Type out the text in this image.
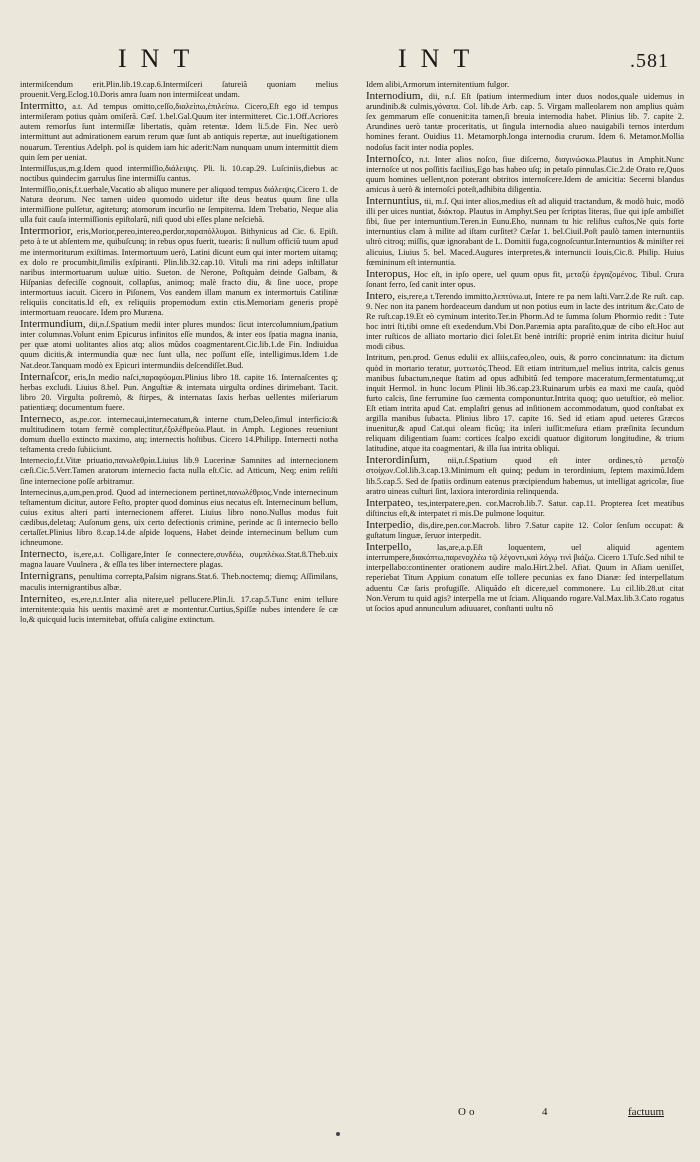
INT	INT	.581

intermiſcendum erit.Plin.lib.19.cap.6.Intermiſceri ſatureiã quoniam melius prouenit.Verg.Eclog.10.Doris amra ſuam non intermiſceat undam.

Intermitto, a.t. Ad tempus omitto,ceſſo,διαλείπω,ἐπιλείπω. Cicero,Eſt ego id tempus intermiſeram potius quàm omiſerã. Cæſ. 1.bel.Gal.Quum iter intermitteret. Cic.1.Off.Acriores autem remorſus ſunt intermiſſæ libertatis, quàm retentæ. Idem li.5.de Fin. Nec uerò intermittunt aut admirationem earum rerum quæ ſunt ab antiquis repertæ, aut inueſtigationem nouarum. Terentius Adelph. pol is quidem iam hic aderit:Nam nunquam unum intermittit diem quin ſem per ueniat.

Intermiſſus,us,m.g.Idem quod intermiſſio,διάλειψις. Pli. li. 10.cap.29. Luſciniis,diebus ac noctibus quindecim garrulus ſine intermiſſu cantus.

Intermiſſio,onis,f.t.uerbale,Vacatio ab aliquo munere per aliquod tempus διάλειψις.Cicero 1. de Natura deorum. Nec tamen uideo quomodo uidetur iſte deus beatus quum ſine ulla intermiſſione pulſetur, agiteturq; atomorum incurſio ne ſempiterna. Idem Trebatio, Neque alia ulla fuit cauſa intermiſſionis epiſtolarũ, niſi quod ubi eſſes plane neſciebã.

Intermorior, eris,Morior,pereo,intereo,perdor,παραπόλλυμαι. Bithynicus ad Cic. 6. Epiſt. peto à te ut abſentem me, quibuſcunq; in rebus opus fuerit, tuearis: ſi nullum officiũ tuum apud me intermoriturum exiſtimas. Intermortuum uerò, Latini dicunt eum qui inter mortem uitamq; ex dolo re procumbit,ſimilis exſpiranti. Plin.lib.32.cap.10. Vituli ma rini adeps inſtillatur naribus intermortuarum uuluæ uitio. Sueton. de Nerone, Poſtquàm deinde Galbam, & Hiſpanias defeciſſe cognouit, collapſus, animoq; malè fracto diu, & ſine uoce, prope intermortuus iacuit. Cicero in Piſonem, Vos eandem illam manum ex intermortuis Catilinæ reliquiis concitatis.Id eſt, ex reliquiis propemodum extin ctis.Memoriam generis propè intermortuam reuocare. Idem pro Muræna.

Intermundium, dii,n.ſ.Spatium medii inter plures mundos: ſicut intercolumnium,ſpatium inter columnas.Volunt enim Epicurus infinitos eſſe mundos, & inter eos ſpatia magna inania, per quæ atomi uolitantes alios atq; alios mũdos coagmentarent.Cic.lib.1.de Fin. Indiuidua quum dicitis,& intermundia quæ nec ſunt ulla, nec poſſunt eſſe, intelligimus.Idem 1.de Nat.deor.Tanquam modò ex Epicuri intermundiis deſcendiſſet.Bud.

Internaſcor, eris,In medio naſci,παραφύομαι.Plinius libro 18. capite 16. Internaſcentes q; herbas excludi. Liuius 8.bel. Pun. Anguſtiæ & internata uirgulta ordines dirimebant. Tacit. libro 20. Virgulta poſtremò, & ſtirpes, & internatas ſaxis herbas uellentes miſeriarum patientiæq; documentum fuere.

Interneco, as,pe.cor. internecaui,internecatum,& interne ctum,Deleo,ſimul interficio:& multitudinem totam fermè complectitur,ἐξολέθρεύω.Plaut. in Amph. Legiones reueniunt domum duello extincto maximo, atq; internectis hoſtibus. Cicero 14.Philipp. Internecti notha teſtamenta credo ſubiiciunt.

Internecio,f.t.Vitæ priuatio,πανωλεθρία.Liuius lib.9 Lucerinæ Samnites ad internecionem cæſi.Cic.5.Verr.Tamen aratorum internecio facta nulla eſt.Cic. ad Atticum, Neq; enim reſiſti ſine internecione poſſe arbitramur.

Internecinus,a,um,pen.prod. Quod ad internecionem pertinet,πανωλέθριος.Vnde internecinum teſtamentum dicitur, autore Feſto, propter quod dominus eius necatus eſt. Internecinum bellum, cuius exitus alteri parti internecionem afferet. Liuius libro nono.Nullus modus fuit cædibus,deletaq; Auſonum gens, uix certo defectionis crimine, perinde ac ſi internecio bello certaſſet.Plinius libro 8.cap.14.de aſpide loquens, Habet deinde internecinum bellum cum ichneumone.

Internecto, is,ere,a.t. Colligare,Inter ſe connectere,συνδέω, συμπλέκω.Stat.8.Theb.uix magna lauare Vuulnera , & eſſla tes liber internectere plagas.

Internigrans, penultima correpta,Paſsim nigrans.Stat.6. Theb.noctemq; diemq; Aſſimilans, maculis internigrantibus albæ.

Interniteo, es,ere,n.t.Inter alia nitere,uel pellucere.Plin.li. 17.cap.5.Tunc enim tellure internitente:quia his uentis maximè aret æ montentur.Curtius,Spiſſæ nubes intendere ſe cæ lo,& quicquid lucis internitebat, offuſa caligine extinctum.

Idem alibi,Armorum internitentium fulgor.

Internodium, dii, n.ſ. Eſt ſpatium intermedium inter duos nodos,quale uidemus in arundinib.& culmis,γόνατα. Col. lib.de Arb. cap. 5. Virgam malleolarem non amplius quàm ſex gemmarum eſſe conuenit:ita tamen,ſi breuia internodia habet. Plinius lib. 7. capite 2. Arundines uerò tantæ proceritatis, ut ſingula internodia alueo nauigabili ternos interdum homines ferant. Ouidius 11. Metamorph.longa internodia crurum. Idem 6. Metamor.Mollia nodoſus facit inter nodia poples.

Internoſco, n.t. Inter alios noſco, ſiue diſcerno, διαγινώσκω.Plautus in Amphit.Nunc internoſce ut nos poſſitis facilius,Ego has habeo uſq; in petaſo pinnulas.Cic.2.de Orato re,Quos quum homines uellent,non poterant obtritos internoſcere.Idem de amicitia: Secerni blandus amicus à uerò & internoſci poteſt,adhibita diligentia.

Internuntius, tii, m.ſ. Qui inter alios,medius eſt ad aliquid tractandum, & modò huic, modò illi per uices nuntiat, διάκτορ. Plautus in Amphyt.Seu per ſcriptas literas, ſiue qui ipſe ambiſſet ſibi, ſiue per internuntium.Teren.in Eunu.Eho, nunnam tu hic reliſtus cuſtos,Ne quis forte internuntius clam à milite ad iſtam curſitet? Cæſar 1. bel.Ciuil.Poſt paulò tamen internuntiis ultrò citroq; miſſis, quæ ignorabant de L. Domitii fuga,cognoſcuntur.Internuntios & miniſter rei alicuius, Liuius 5. bel. Maced.Augures interpretes,& internuncii Iouis,Cic.8. Philip. Huius fœmininum eſt internuntia.

Interopus, Hoc eſt, in ipſo opere, uel quum opus fit, μεταξὺ ἐργαζομένος. Tibul. Crura ſonant ferro, ſed canit inter opus.

Intero, eis,rere,a t.Terendo immitto,λεπτύνω.ut, Intere re pa nem laſti.Varr.2.de Re ruſt. cap. 9. Nec non ita panem hordeaceum dandum ut non potius eum in lacte des intritum &c.Cato de Re ruſt.cap.19.Et eò cyminum interito.Ter.in Phorm.Ad te ſumma ſolum Phormio redit : Tute hoc intri ſti,tibi omne eſt exedendum.Vbi Don.Paræmia apta paraſito,quæ de cibo eſt.Hoc aut inter ruſticos de alliato mortario dici ſolet.Et benè intriſti: propriè enim intrita dicitur huiuſ modi cibus.

Intritum, pen.prod. Genus edulii ex alliis,cafeo,oleo, ouis, & porro concinnatum: ita dictum quòd in mortario teratur, μυττωτός.Theod. Eſt etiam intritum,uel melius intrita, calcis genus manibus ſubactum,neque ſtatim ad opus adhibitũ ſed tempore maceratum,fermentatumq;,ut inquit Hermol. in hunc locum Plinii lib.36.cap.23.Ruinarum urbis ea maxi me cauſa, quòd furto calcis, ſine ferrumine ſuo cæmenta componuntur.Intrita quoq; quo uetuſtior, eò melior. Eſt etiam intrita apud Cat. emplaſtri genus ad inſitionem accommodatum, quod conſtabat ex argilla manibus ſubacta. Plinius libro 17. capite 16. Sed id etiam apud ueteres Græcos inuenitur,& apud Cat.qui oleam ficũq; ita inſeri iuſſit:meſura etiam præſinita ſecundum reliquam diligentiam ſuam: cortices ſcalpo excidi quatuor digitorum longitudine, & trium latitudine, atque ita coagmentari, & illa ſua intrita obliqui.

Interordinſum, nii,n.ſ.Spatium quod eſt inter ordines,τὸ μεταξὺ στοίχων.Col.lib.3.cap.13.Minimum eſt quinq; pedum in terordinium, ſeptem maximũ.Idem lib.5.cap.5. Sed de ſpatiis ordinum eatenus præcipiendum habemus, ut intelligat agricolæ, ſiue aratro uineas culturi ſint, laxiora interordinia relinquenda.

Interpateo, tes,interpatere,pen. cor.Macrob.lib.7. Satur. cap.11. Propterea ſcet meatibus diſtinctus eſt,& interpatet ri mis.De pulmone loquitur.

Interpedio, dis,dire,pen.cor.Macrob. libro 7.Satur capite 12. Color ſenſum occupat: & guſtatum linguæ, ſeruor interpedit.

Interpello,	las,are,a.p.Eſt loquentem, uel aliquid agentem interrumpere,διακόπτω,παρενοχλέω τῷ λέγοντι,καὶ λόγῳ τινὶ βιάζω. Cicero 1.Tuſc.Sed nihil te interpellabo:continenter orationem audire malo.Hirt.2.bel. Afiat. Quum in Aſiam ueniſſet, reperiebat Titum Appium conatum eſſe tollere pecunias ex fano Dianæ: ſed interpellatum aduentu Cæ ſaris profugiſſe. Aliquãdo eſt dicere,uel commonere. Lu cil.lib.28.ut citat Non.Verum tu quid agis? interpella me ut ſciam. Aliquando rogare.Val.Max.lib.3.Cato rogatus ut ſocios apud annunculum adiuuaret, conſtanti uultu nõ

Oo	4	factuum
